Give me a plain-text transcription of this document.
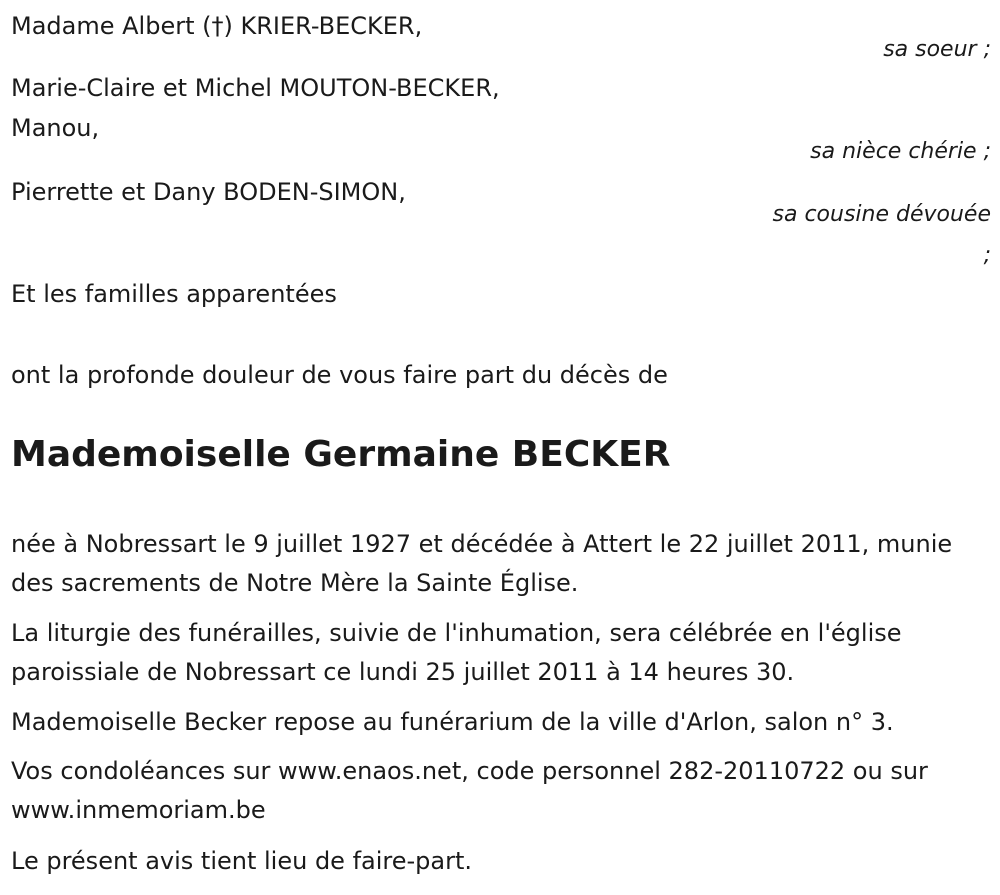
Madame Albert (†) KRIER-BECKER,
sa soeur ;
Marie-Claire et Michel MOUTON-BECKER,
Manou,
sa nièce chérie ;
Pierrette et Dany BODEN-SIMON,
sa cousine dévouée
;
Et les familles apparentées
ont la profonde douleur de vous faire part du décès de
Mademoiselle Germaine BECKER
née à Nobressart le 9 juillet 1927 et décédée à Attert le 22 juillet 2011, munie des sacrements de Notre Mère la Sainte Église.
La liturgie des funérailles, suivie de l'inhumation, sera célébrée en l'église paroissiale de Nobressart ce lundi 25 juillet 2011 à 14 heures 30.
Mademoiselle Becker repose au funérarium de la ville d'Arlon, salon n° 3.
Vos condoléances sur www.enaos.net, code personnel 282-20110722 ou sur www.inmemoriam.be
Le présent avis tient lieu de faire-part.
